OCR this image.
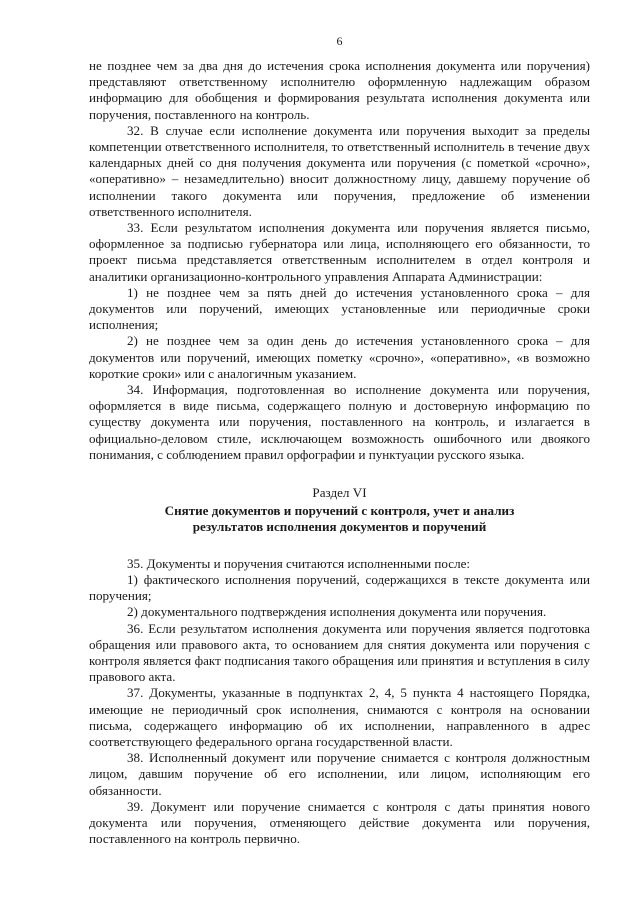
6

не позднее чем за два дня до истечения срока исполнения документа или поручения) представляют ответственному исполнителю оформленную надлежащим образом информацию для обобщения и формирования результата исполнения документа или поручения, поставленного на контроль.

32. В случае если исполнение документа или поручения выходит за пределы компетенции ответственного исполнителя, то ответственный исполнитель в течение двух календарных дней со дня получения документа или поручения (с пометкой «срочно», «оперативно» – незамедлительно) вносит должностному лицу, давшему поручение об исполнении такого документа или поручения, предложение об изменении ответственного исполнителя.

33. Если результатом исполнения документа или поручения является письмо, оформленное за подписью губернатора или лица, исполняющего его обязанности, то проект письма представляется ответственным исполнителем в отдел контроля и аналитики организационно-контрольного управления Аппарата Администрации:

1) не позднее чем за пять дней до истечения установленного срока – для документов или поручений, имеющих установленные или периодичные сроки исполнения;

2) не позднее чем за один день до истечения установленного срока – для документов или поручений, имеющих пометку «срочно», «оперативно», «в возможно короткие сроки» или с аналогичным указанием.

34. Информация, подготовленная во исполнение документа или поручения, оформляется в виде письма, содержащего полную и достоверную информацию по существу документа или поручения, поставленного на контроль, и излагается в официально-деловом стиле, исключающем возможность ошибочного или двоякого понимания, с соблюдением правил орфографии и пунктуации русского языка.

Раздел VI
Снятие документов и поручений с контроля, учет и анализ
результатов исполнения документов и поручений

35. Документы и поручения считаются исполненными после:

1) фактического исполнения поручений, содержащихся в тексте документа или поручения;

2) документального подтверждения исполнения документа или поручения.

36. Если результатом исполнения документа или поручения является подготовка обращения или правового акта, то основанием для снятия документа или поручения с контроля является факт подписания такого обращения или принятия и вступления в силу правового акта.

37. Документы, указанные в подпунктах 2, 4, 5 пункта 4 настоящего Порядка, имеющие не периодичный срок исполнения, снимаются с контроля на основании письма, содержащего информацию об их исполнении, направленного в адрес соответствующего федерального органа государственной власти.

38. Исполненный документ или поручение снимается с контроля должностным лицом, давшим поручение об его исполнении, или лицом, исполняющим его обязанности.

39. Документ или поручение снимается с контроля с даты принятия нового документа или поручения, отменяющего действие документа или поручения, поставленного на контроль первично.
